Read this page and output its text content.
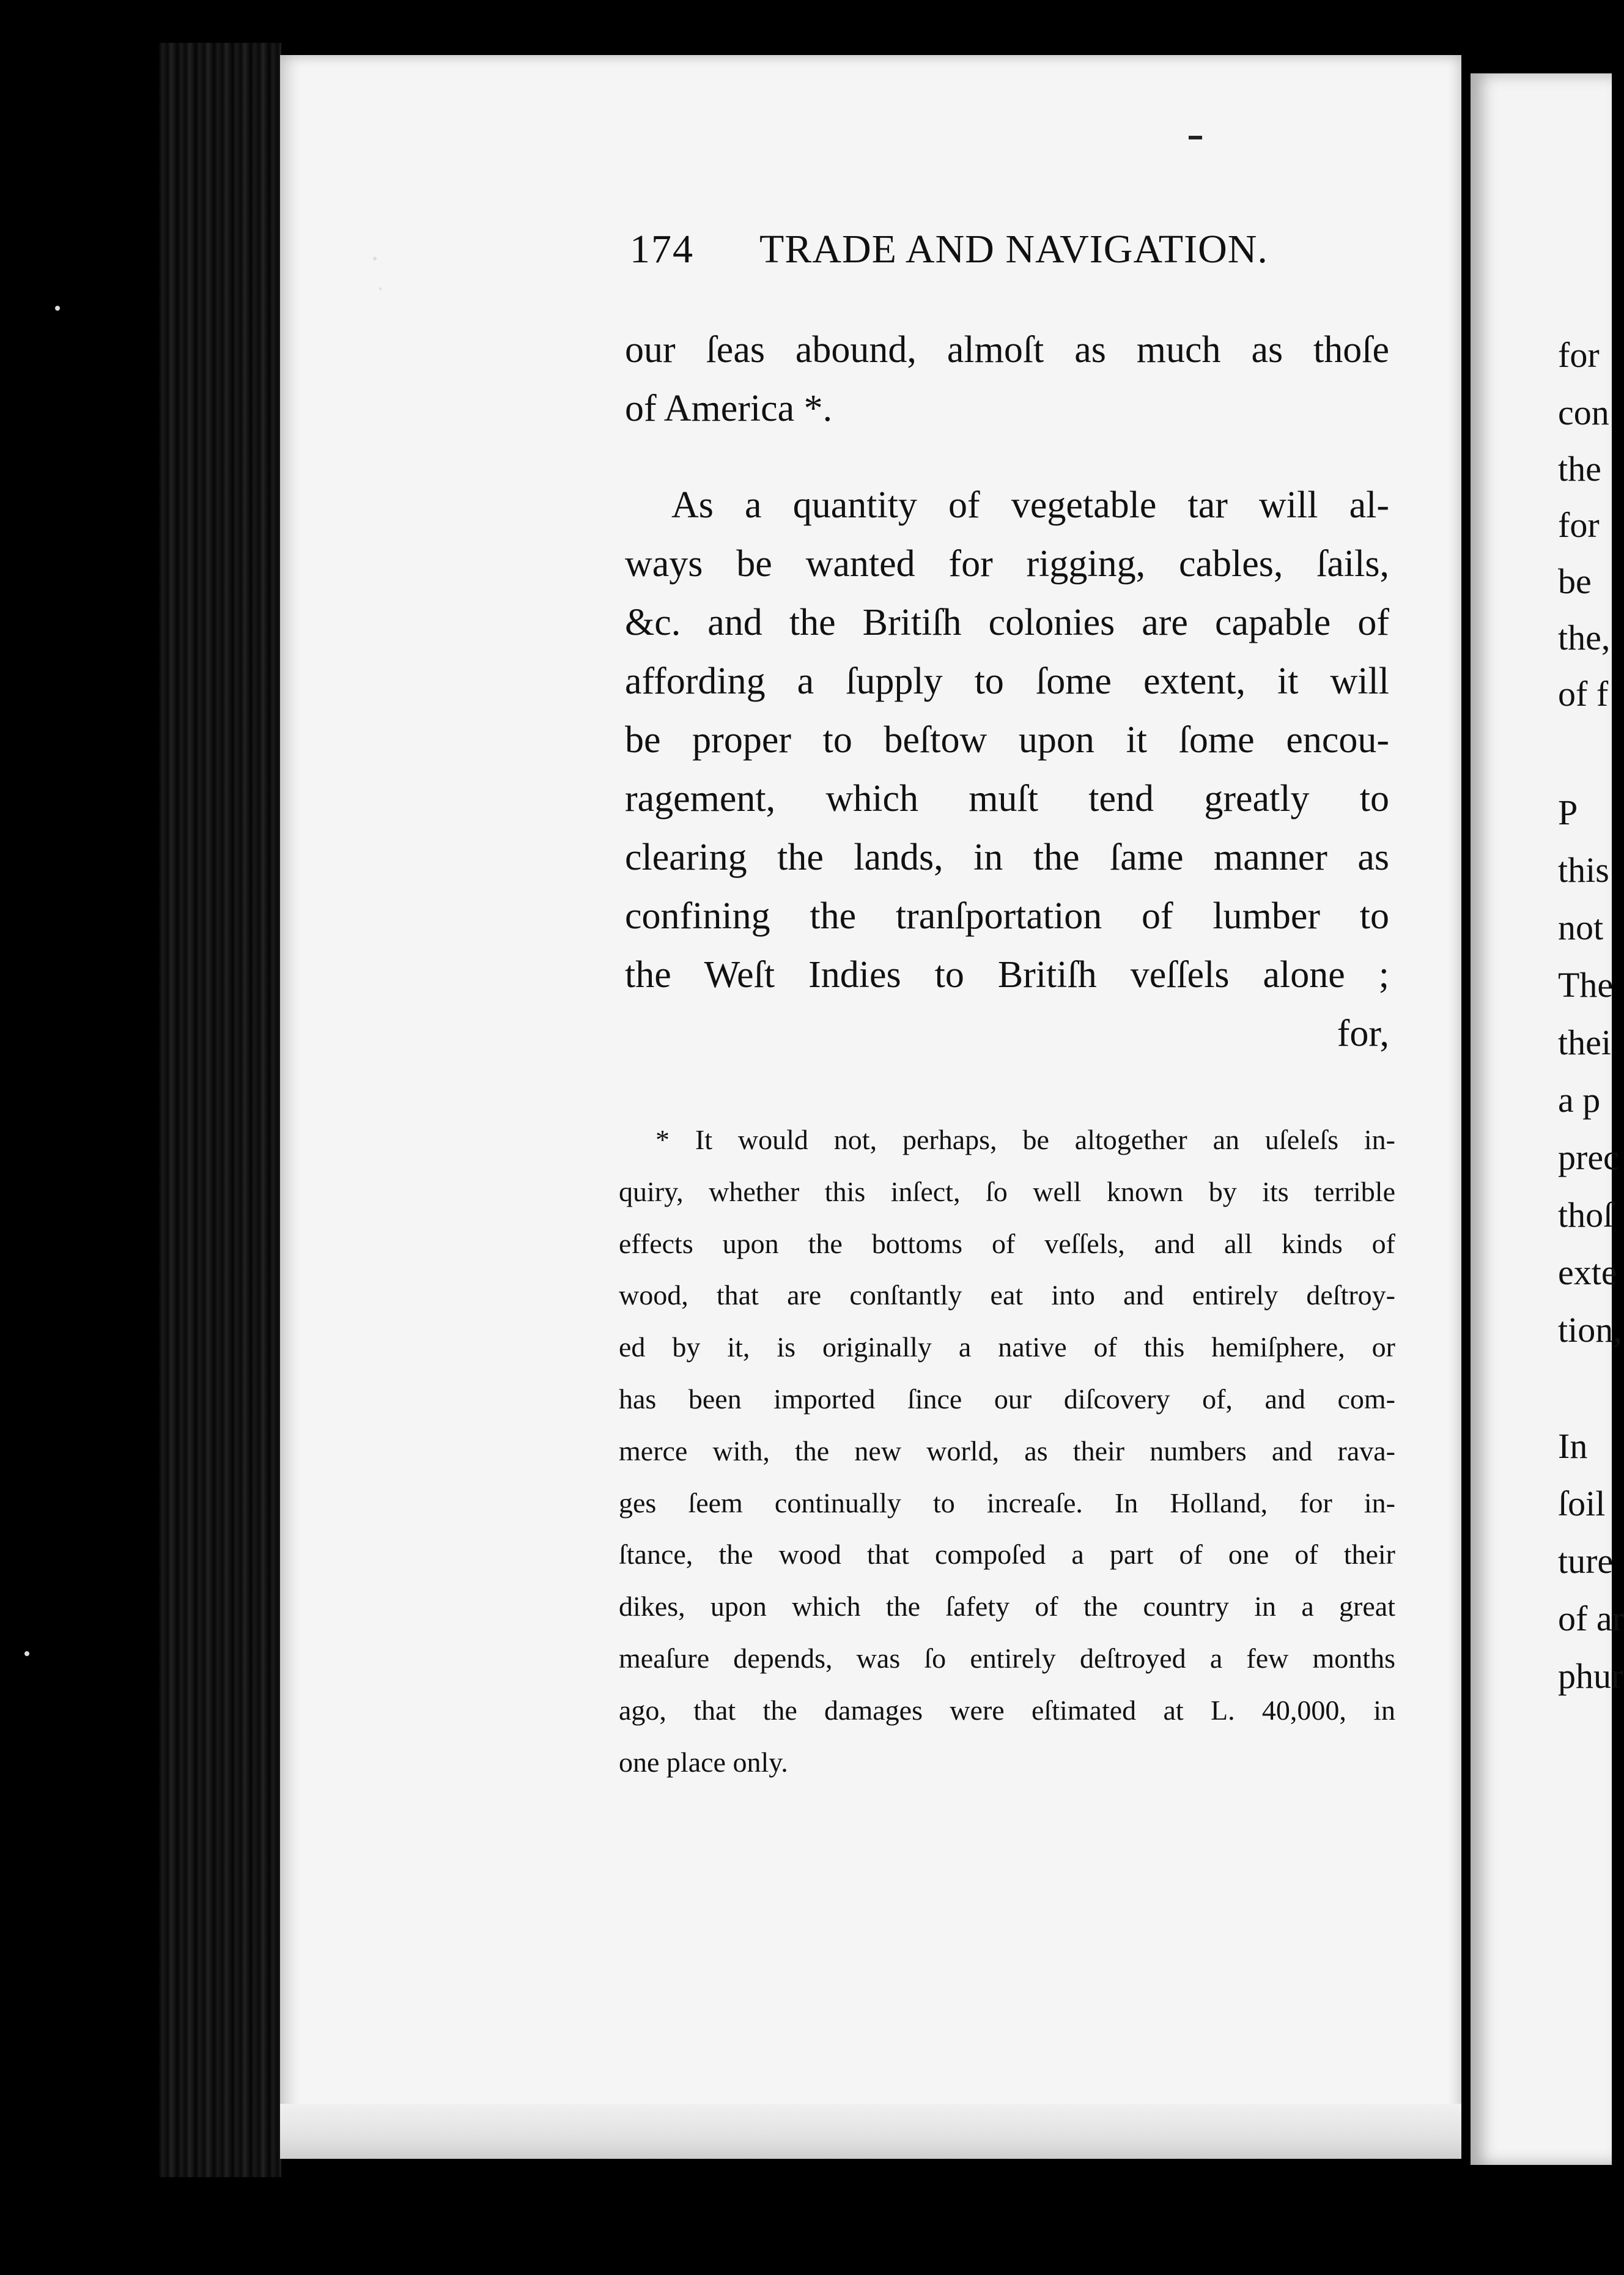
for
con
the
for
be
the,
of f
P
this
not
The
thei
a p
prec
thoſ
exte
tion,
In
ſoil
ture
of ar
phur
174 TRADE AND NAVIGATION.
our ſeas abound, almoſt as much as thoſe
of America *.
As a quantity of vegetable tar will al-
ways be wanted for rigging, cables, ſails,
&c. and the Britiſh colonies are capable of
affording a ſupply to ſome extent, it will
be proper to beſtow upon it ſome encou-
ragement, which muſt tend greatly to
clearing the lands, in the ſame manner as
confining the tranſportation of lumber to
the Weſt Indies to Britiſh veſſels alone ;
for,
* It would not, perhaps, be altogether an uſeleſs in-
quiry, whether this inſect, ſo well known by its terrible
effects upon the bottoms of veſſels, and all kinds of
wood, that are conſtantly eat into and entirely deſtroy-
ed by it, is originally a native of this hemiſphere, or
has been imported ſince our diſcovery of, and com-
merce with, the new world, as their numbers and rava-
ges ſeem continually to increaſe. In Holland, for in-
ſtance, the wood that compoſed a part of one of their
dikes, upon which the ſafety of the country in a great
meaſure depends, was ſo entirely deſtroyed a few months
ago, that the damages were eſtimated at L. 40,000, in
one place only.
